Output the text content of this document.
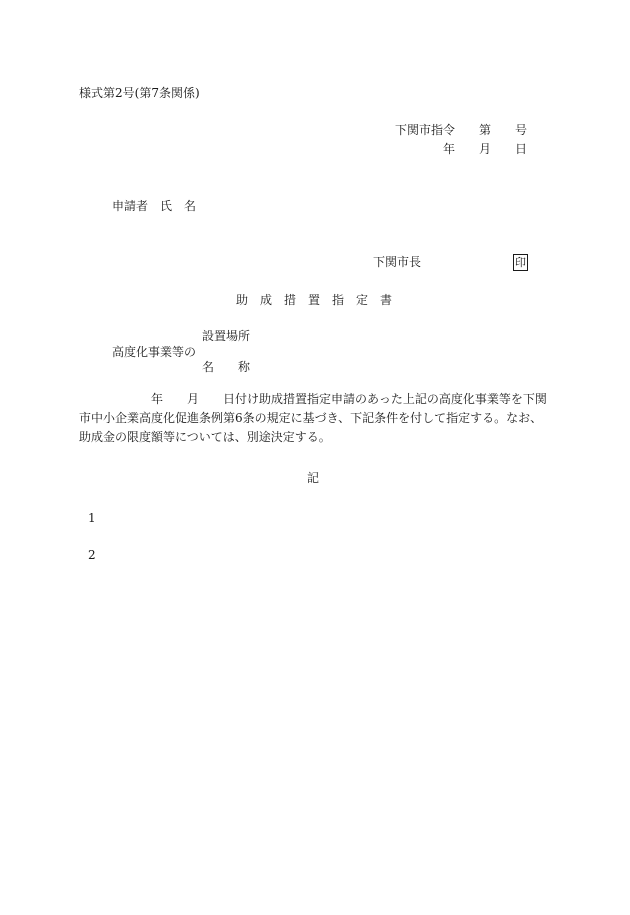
様式第2号(第7条関係)
下関市指令　　第　　号
年　　月　　日
申請者　氏　名
下関市長	印
助　成　措　置　指　定　書
高度化事業等の
設置場所
名　　称
　　　　　　年　　月　　日付け助成措置指定申請のあった上記の高度化事業等を下関市中小企業高度化促進条例第6条の規定に基づき、下記条件を付して指定する。なお、助成金の限度額等については、別途決定する。
記
1
2
